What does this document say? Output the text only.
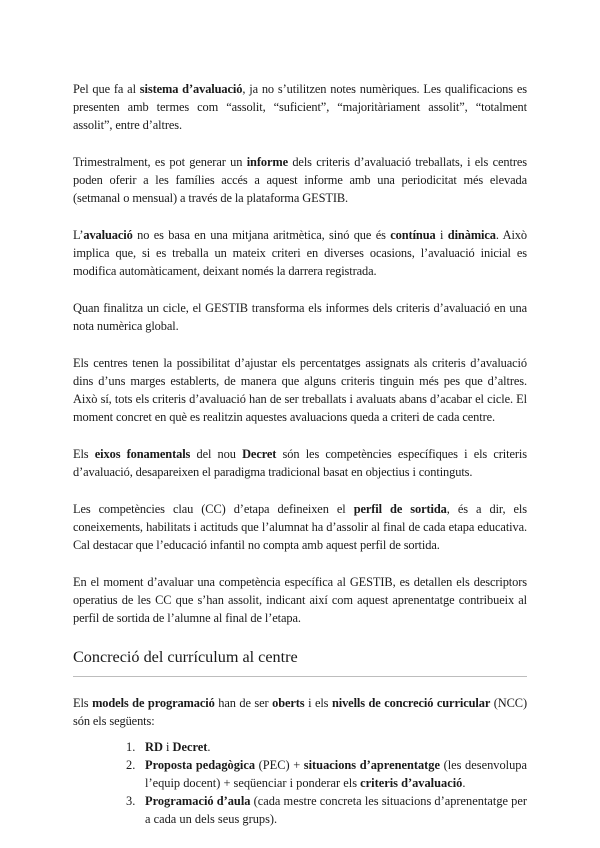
Pel que fa al sistema d’avaluació, ja no s’utilitzen notes numèriques. Les qualificacions es presenten amb termes com “assolit, “suficient”, “majoritàriament assolit”, “totalment assolit”, entre d’altres.

Trimestralment, es pot generar un informe dels criteris d’avaluació treballats, i els centres poden oferir a les famílies accés a aquest informe amb una periodicitat més elevada (setmanal o mensual) a través de la plataforma GESTIB.

L’avaluació no es basa en una mitjana aritmètica, sinó que és contínua i dinàmica. Això implica que, si es treballa un mateix criteri en diverses ocasions, l’avaluació inicial es modifica automàticament, deixant només la darrera registrada.

Quan finalitza un cicle, el GESTIB transforma els informes dels criteris d’avaluació en una nota numèrica global.

Els centres tenen la possibilitat d’ajustar els percentatges assignats als criteris d’avaluació dins d’uns marges establerts, de manera que alguns criteris tinguin més pes que d’altres. Això sí, tots els criteris d’avaluació han de ser treballats i avaluats abans d’acabar el cicle. El moment concret en què es realitzin aquestes avaluacions queda a criteri de cada centre.

Els eixos fonamentals del nou Decret són les competències específiques i els criteris d’avaluació, desapareixen el paradigma tradicional basat en objectius i continguts.

Les competències clau (CC) d’etapa defineixen el perfil de sortida, és a dir, els coneixements, habilitats i actituds que l’alumnat ha d’assolir al final de cada etapa educativa. Cal destacar que l’educació infantil no compta amb aquest perfil de sortida.

En el moment d’avaluar una competència específica al GESTIB, es detallen els descriptors operatius de les CC que s’han assolit, indicant així com aquest aprenentatge contribueix al perfil de sortida de l’alumne al final de l’etapa.

Concreció del currículum al centre

Els models de programació han de ser oberts i els nivells de concreció curricular (NCC) són els següents:

1. RD i Decret.
2. Proposta pedagògica (PEC) + situacions d’aprenentatge (les desenvolupa l’equip docent) + seqüenciar i ponderar els criteris d’avaluació.
3. Programació d’aula (cada mestre concreta les situacions d’aprenentatge per a cada un dels seus grups).
